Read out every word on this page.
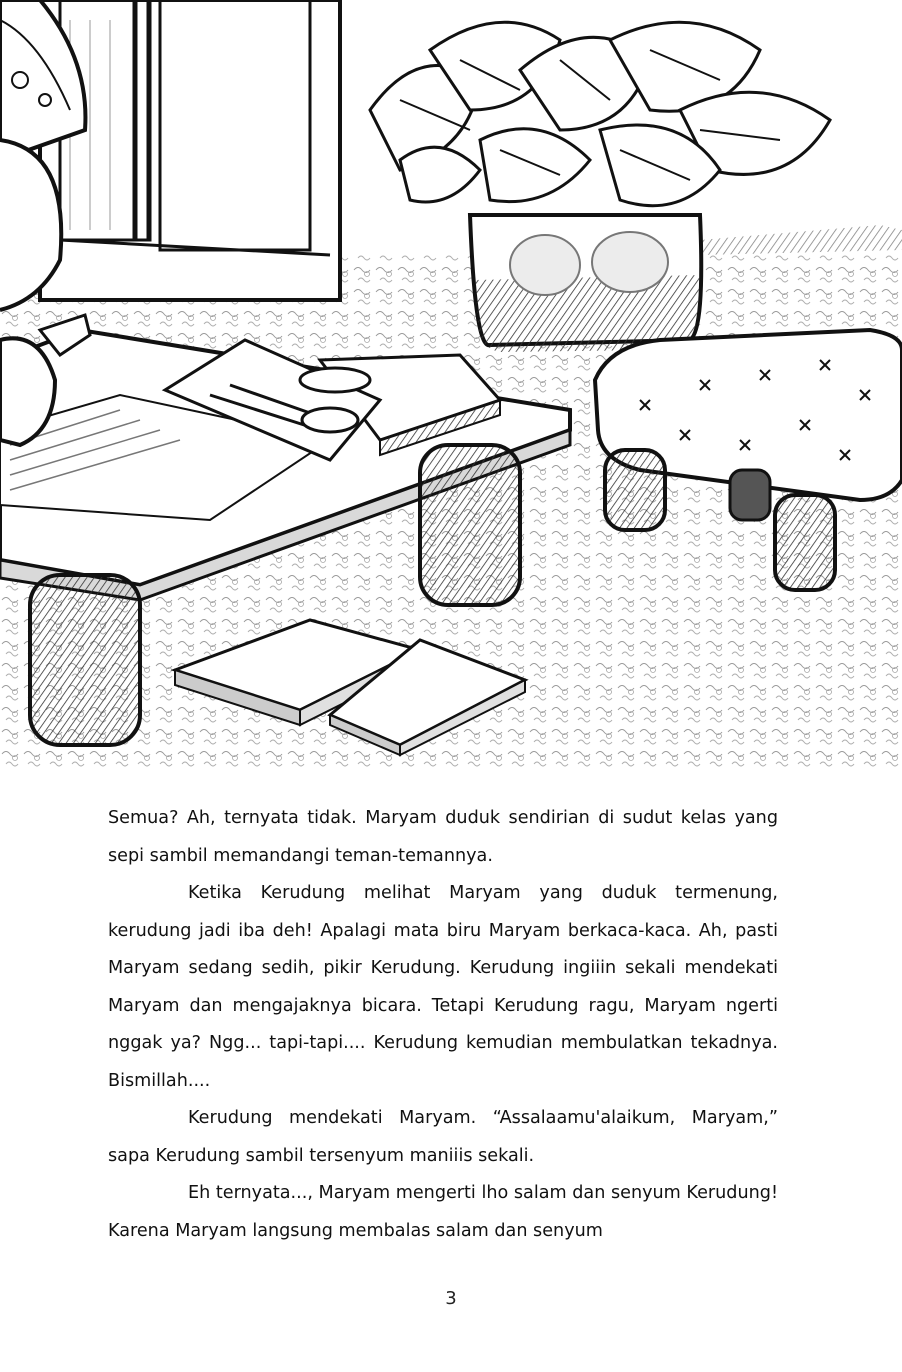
Semua? Ah, ternyata tidak. Maryam duduk sendirian di sudut kelas yang sepi sambil memandangi teman-temannya.

Ketika Kerudung melihat Maryam yang duduk termenung, kerudung jadi iba deh! Apalagi mata biru Maryam berkaca-kaca. Ah, pasti Maryam sedang sedih, pikir Kerudung. Kerudung ingiiin sekali mendekati Maryam dan mengajaknya bicara. Tetapi Kerudung ragu, Maryam ngerti nggak ya? Ngg... tapi-tapi.... Kerudung kemudian membulatkan tekadnya. Bismillah....

Kerudung mendekati Maryam. “Assalaamu'alaikum, Maryam,” sapa Kerudung sambil tersenyum maniiis sekali.

Eh ternyata..., Maryam mengerti lho salam dan senyum Kerudung! Karena Maryam langsung membalas salam dan senyum

3
